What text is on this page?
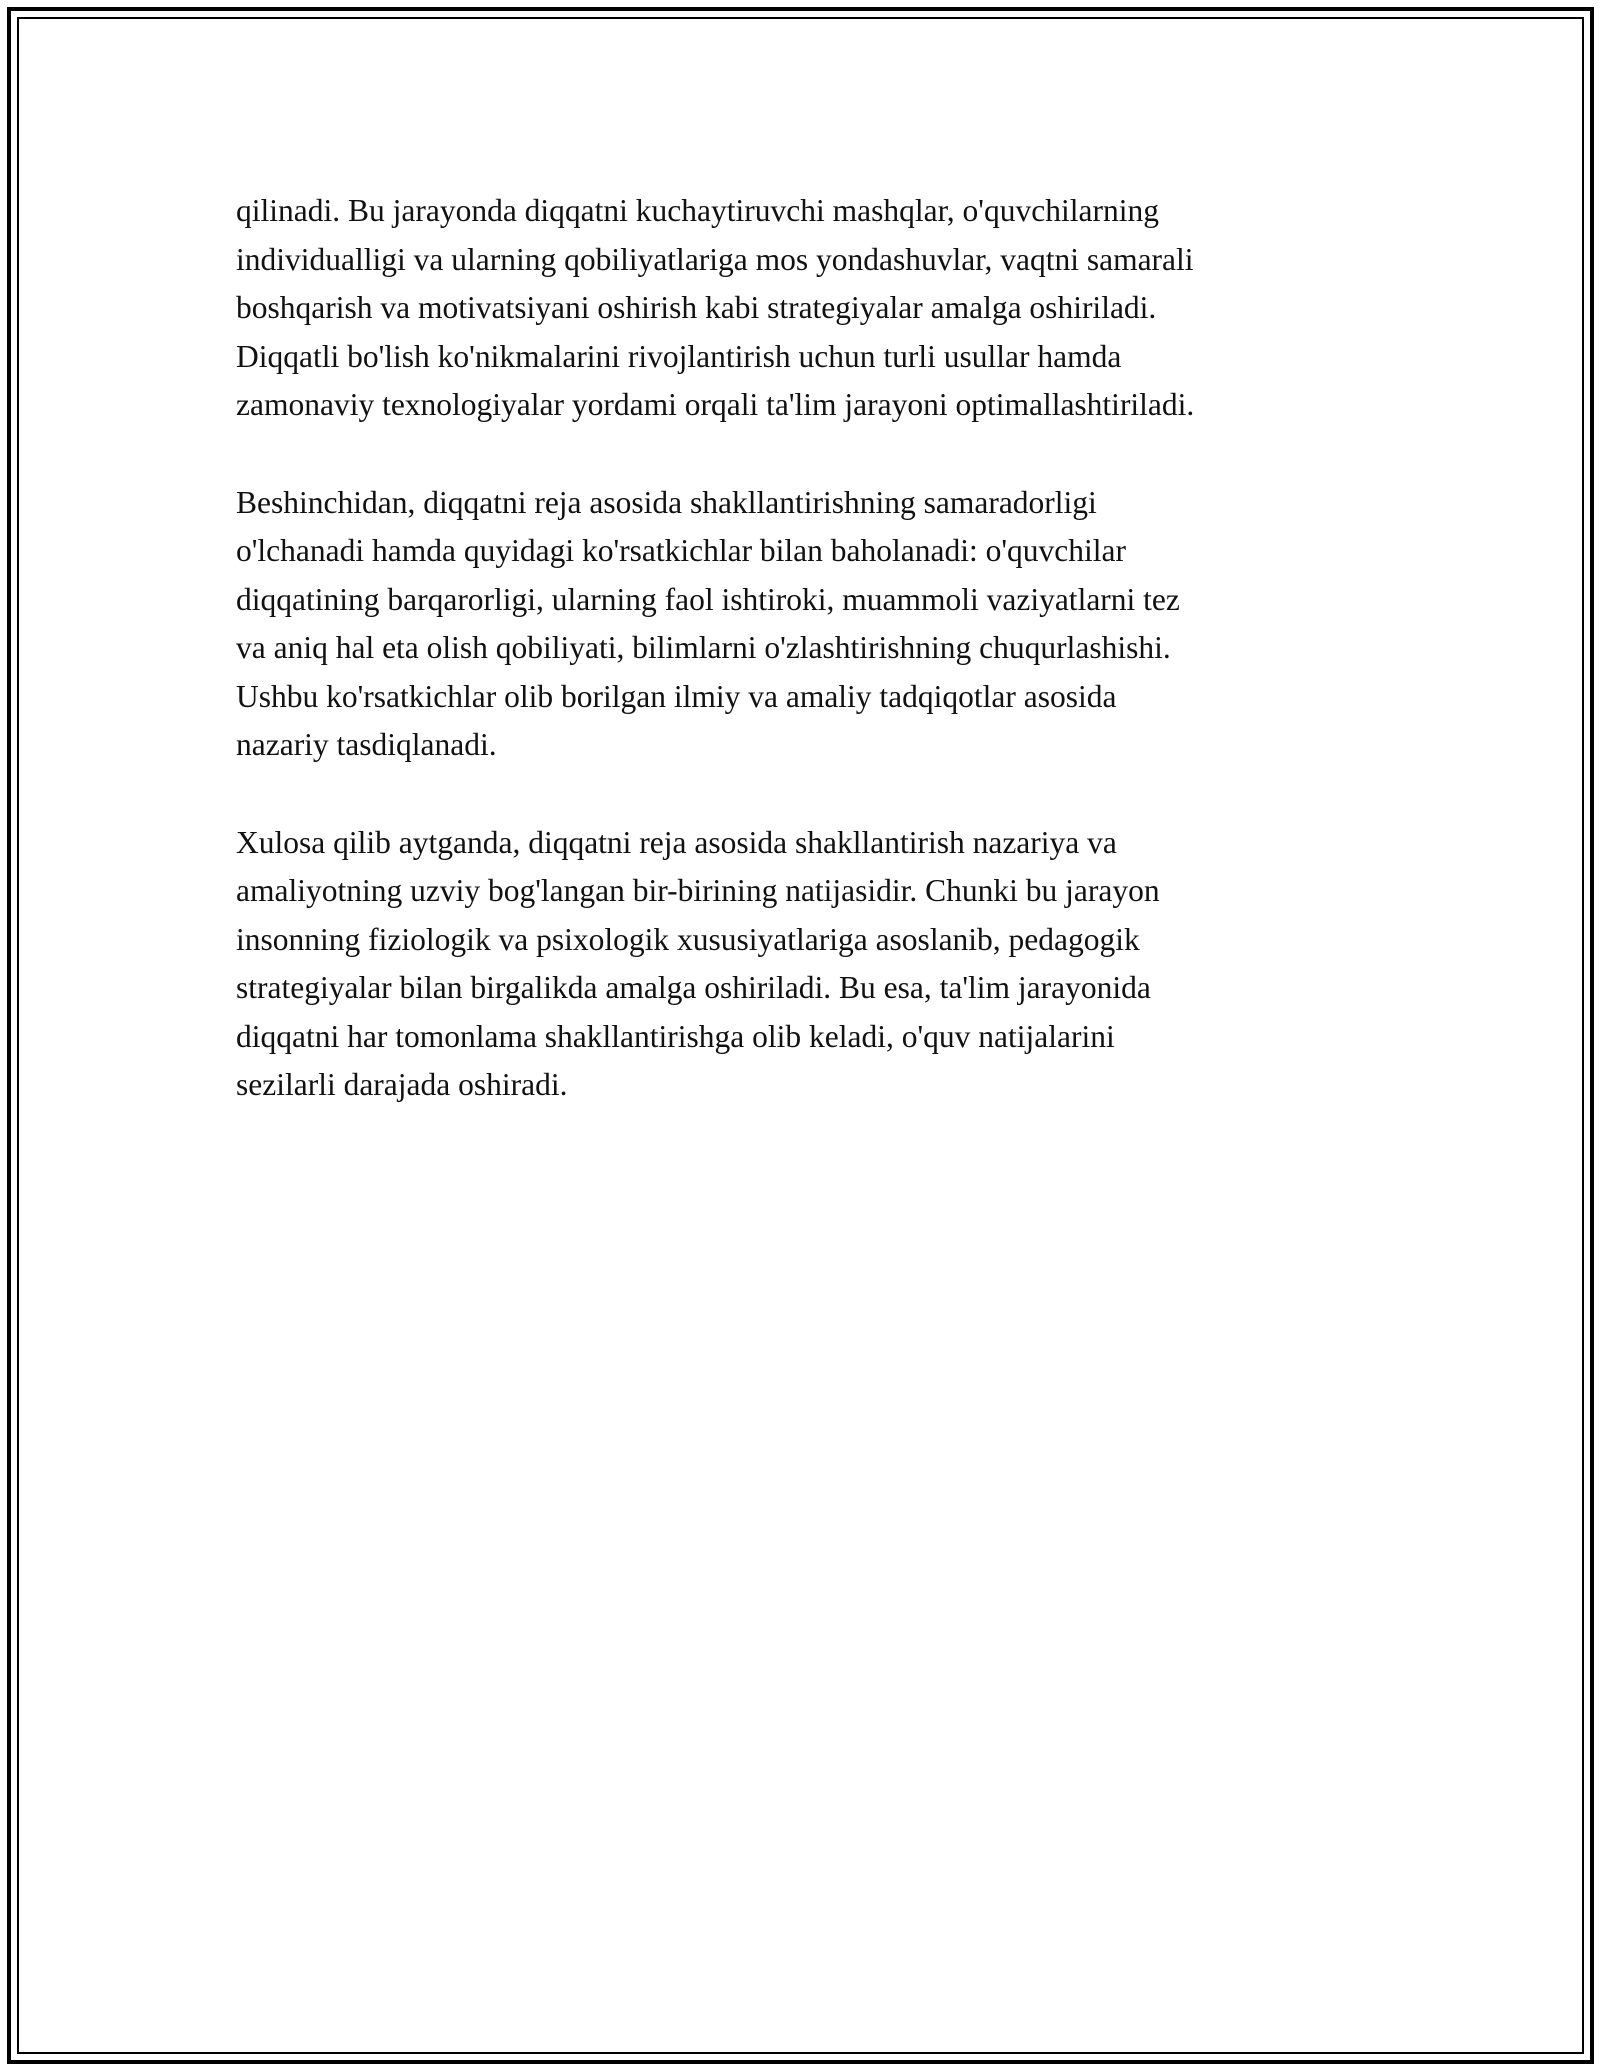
qilinadi. Bu jarayonda diqqatni kuchaytiruvchi mashqlar, o'quvchilarning
individualligi va ularning qobiliyatlariga mos yondashuvlar, vaqtni samarali
boshqarish va motivatsiyani oshirish kabi strategiyalar amalga oshiriladi.
Diqqatli bo'lish ko'nikmalarini rivojlantirish uchun turli usullar hamda
zamonaviy texnologiyalar yordami orqali ta'lim jarayoni optimallashtiriladi.

Beshinchidan, diqqatni reja asosida shakllantirishning samaradorligi
o'lchanadi hamda quyidagi ko'rsatkichlar bilan baholanadi: o'quvchilar
diqqatining barqarorligi, ularning faol ishtiroki, muammoli vaziyatlarni tez
va aniq hal eta olish qobiliyati, bilimlarni o'zlashtirishning chuqurlashishi.
Ushbu ko'rsatkichlar olib borilgan ilmiy va amaliy tadqiqotlar asosida
nazariy tasdiqlanadi.

Xulosa qilib aytganda, diqqatni reja asosida shakllantirish nazariya va
amaliyotning uzviy bog'langan bir-birining natijasidir. Chunki bu jarayon
insonning fiziologik va psixologik xususiyatlariga asoslanib, pedagogik
strategiyalar bilan birgalikda amalga oshiriladi. Bu esa, ta'lim jarayonida
diqqatni har tomonlama shakllantirishga olib keladi, o'quv natijalarini
sezilarli darajada oshiradi.
